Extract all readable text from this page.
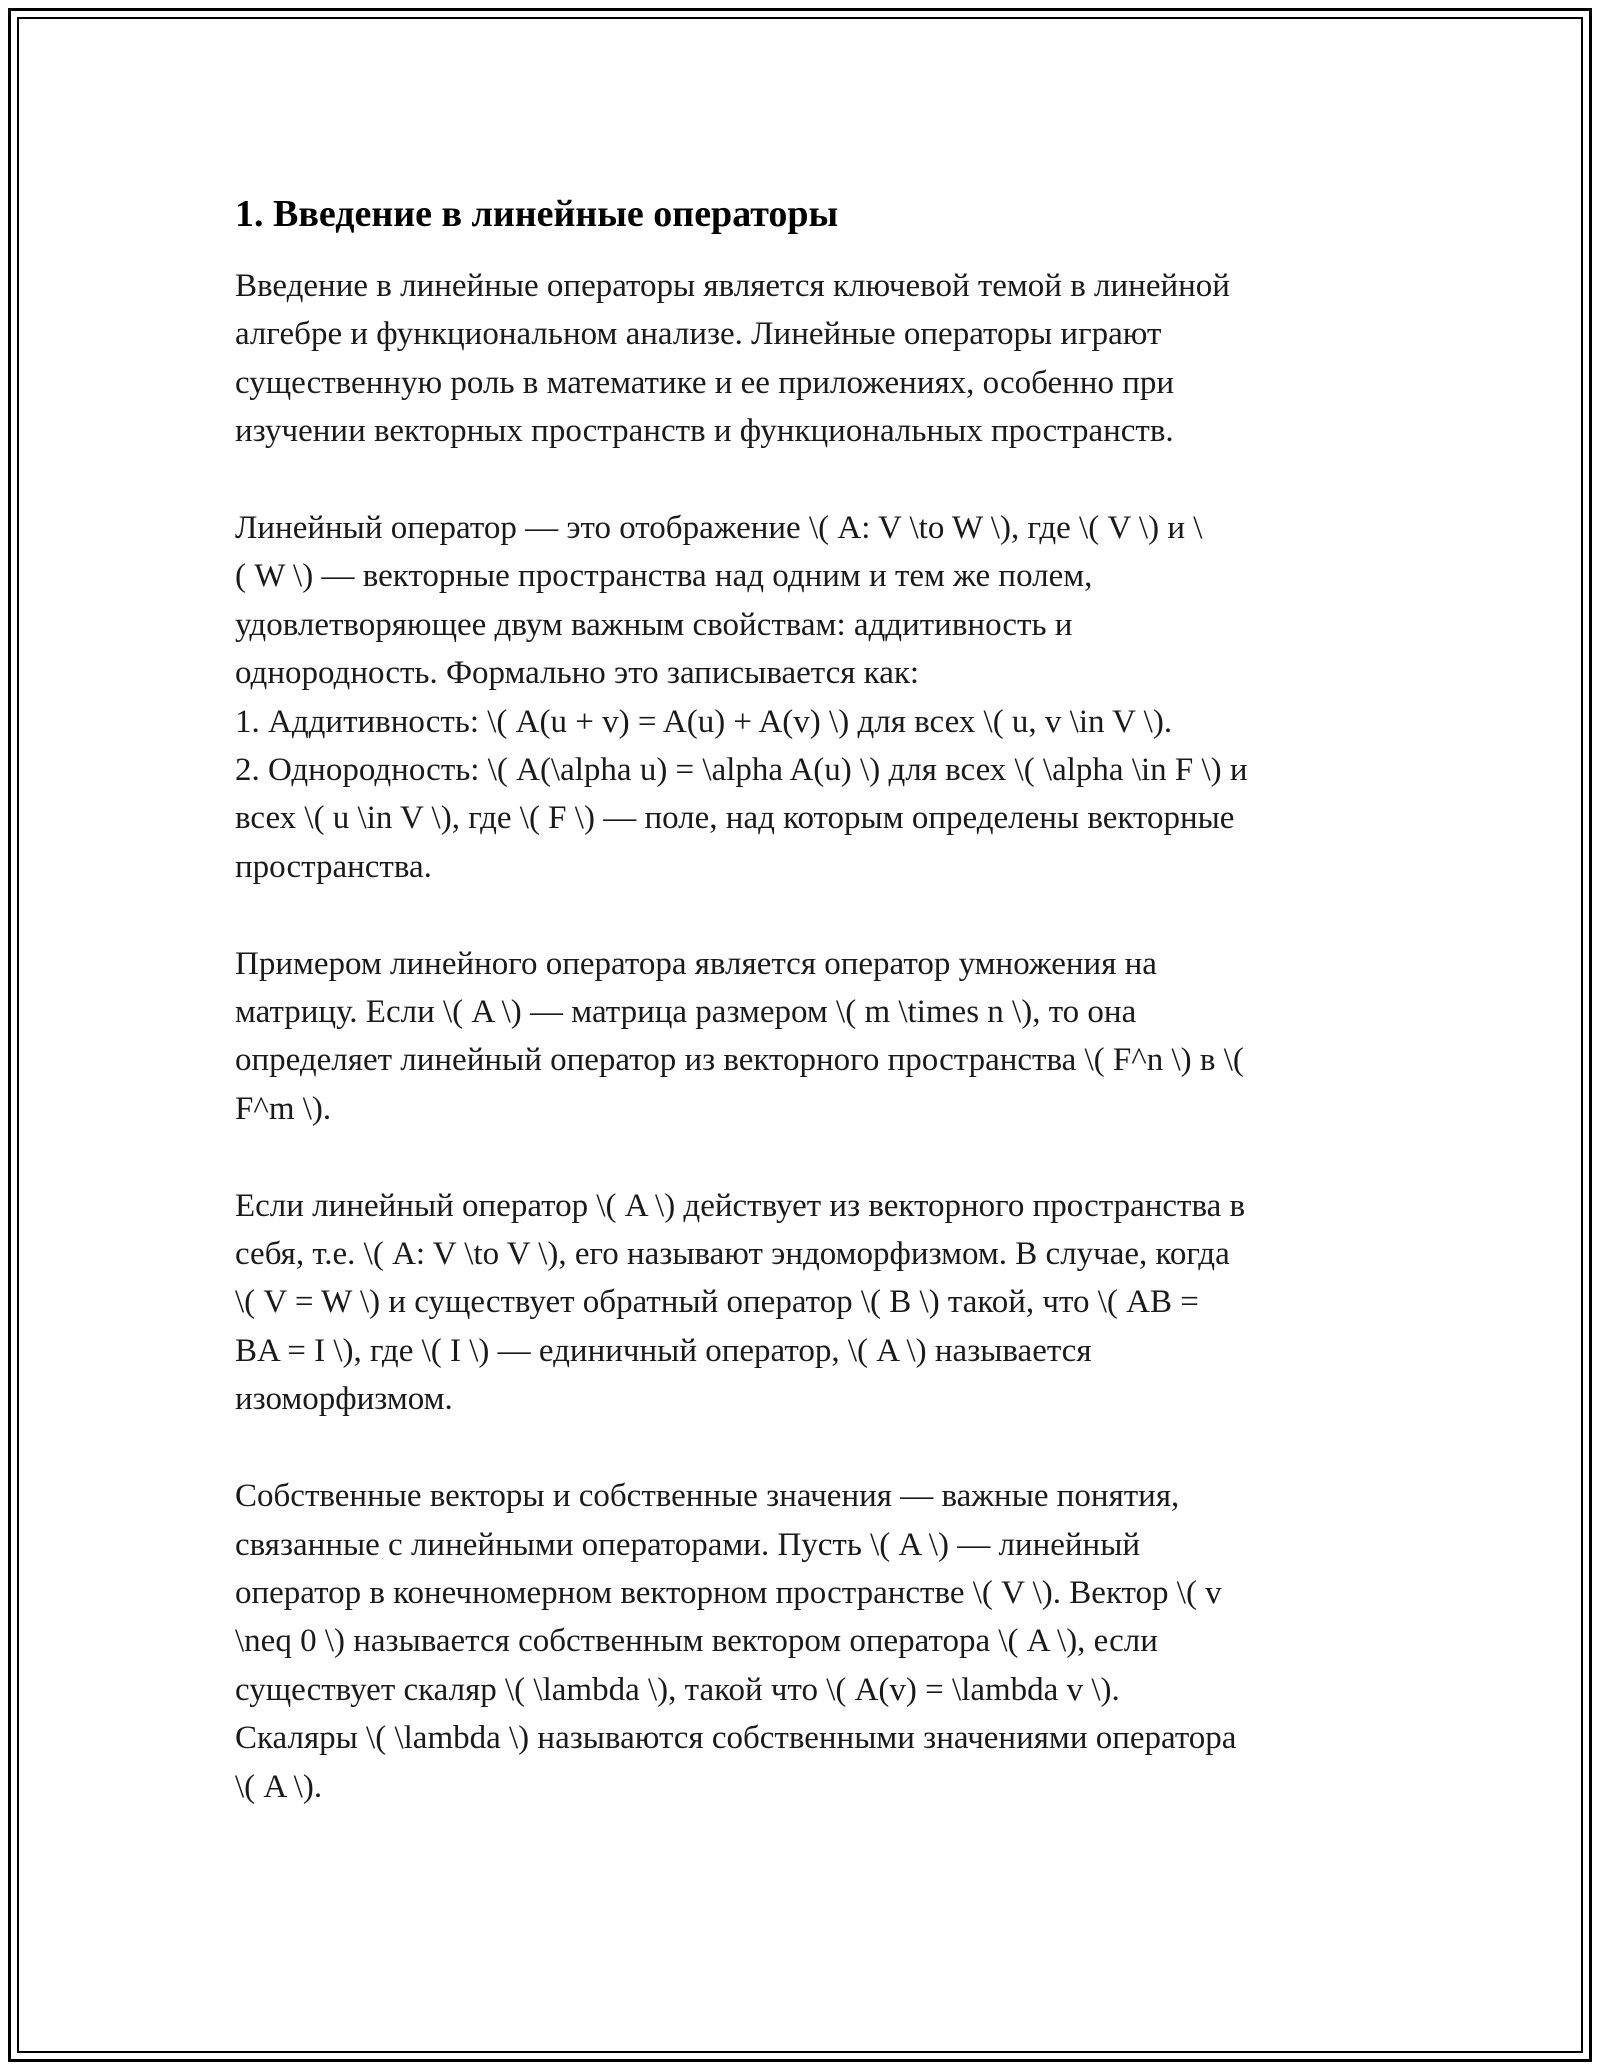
1. Введение в линейные операторы

Введение в линейные операторы является ключевой темой в линейной
алгебре и функциональном анализе. Линейные операторы играют
существенную роль в математике и ее приложениях, особенно при
изучении векторных пространств и функциональных пространств.

Линейный оператор — это отображение \( A: V \to W \), где \( V \) и \
( W \) — векторные пространства над одним и тем же полем,
удовлетворяющее двум важным свойствам: аддитивность и
однородность. Формально это записывается как:
1. Аддитивность: \( A(u + v) = A(u) + A(v) \) для всех \( u, v \in V \).
2. Однородность: \( A(\alpha u) = \alpha A(u) \) для всех \( \alpha \in F \) и
всех \( u \in V \), где \( F \) — поле, над которым определены векторные
пространства.

Примером линейного оператора является оператор умножения на
матрицу. Если \( A \) — матрица размером \( m \times n \), то она
определяет линейный оператор из векторного пространства \( F^n \) в \(
F^m \).

Если линейный оператор \( A \) действует из векторного пространства в
себя, т.е. \( A: V \to V \), его называют эндоморфизмом. В случае, когда
\( V = W \) и существует обратный оператор \( B \) такой, что \( AB =
BA = I \), где \( I \) — единичный оператор, \( A \) называется
изоморфизмом.

Собственные векторы и собственные значения — важные понятия,
связанные с линейными операторами. Пусть \( A \) — линейный
оператор в конечномерном векторном пространстве \( V \). Вектор \( v
\neq 0 \) называется собственным вектором оператора \( A \), если
существует скаляр \( \lambda \), такой что \( A(v) = \lambda v \).
Скаляры \( \lambda \) называются собственными значениями оператора
\( A \).
